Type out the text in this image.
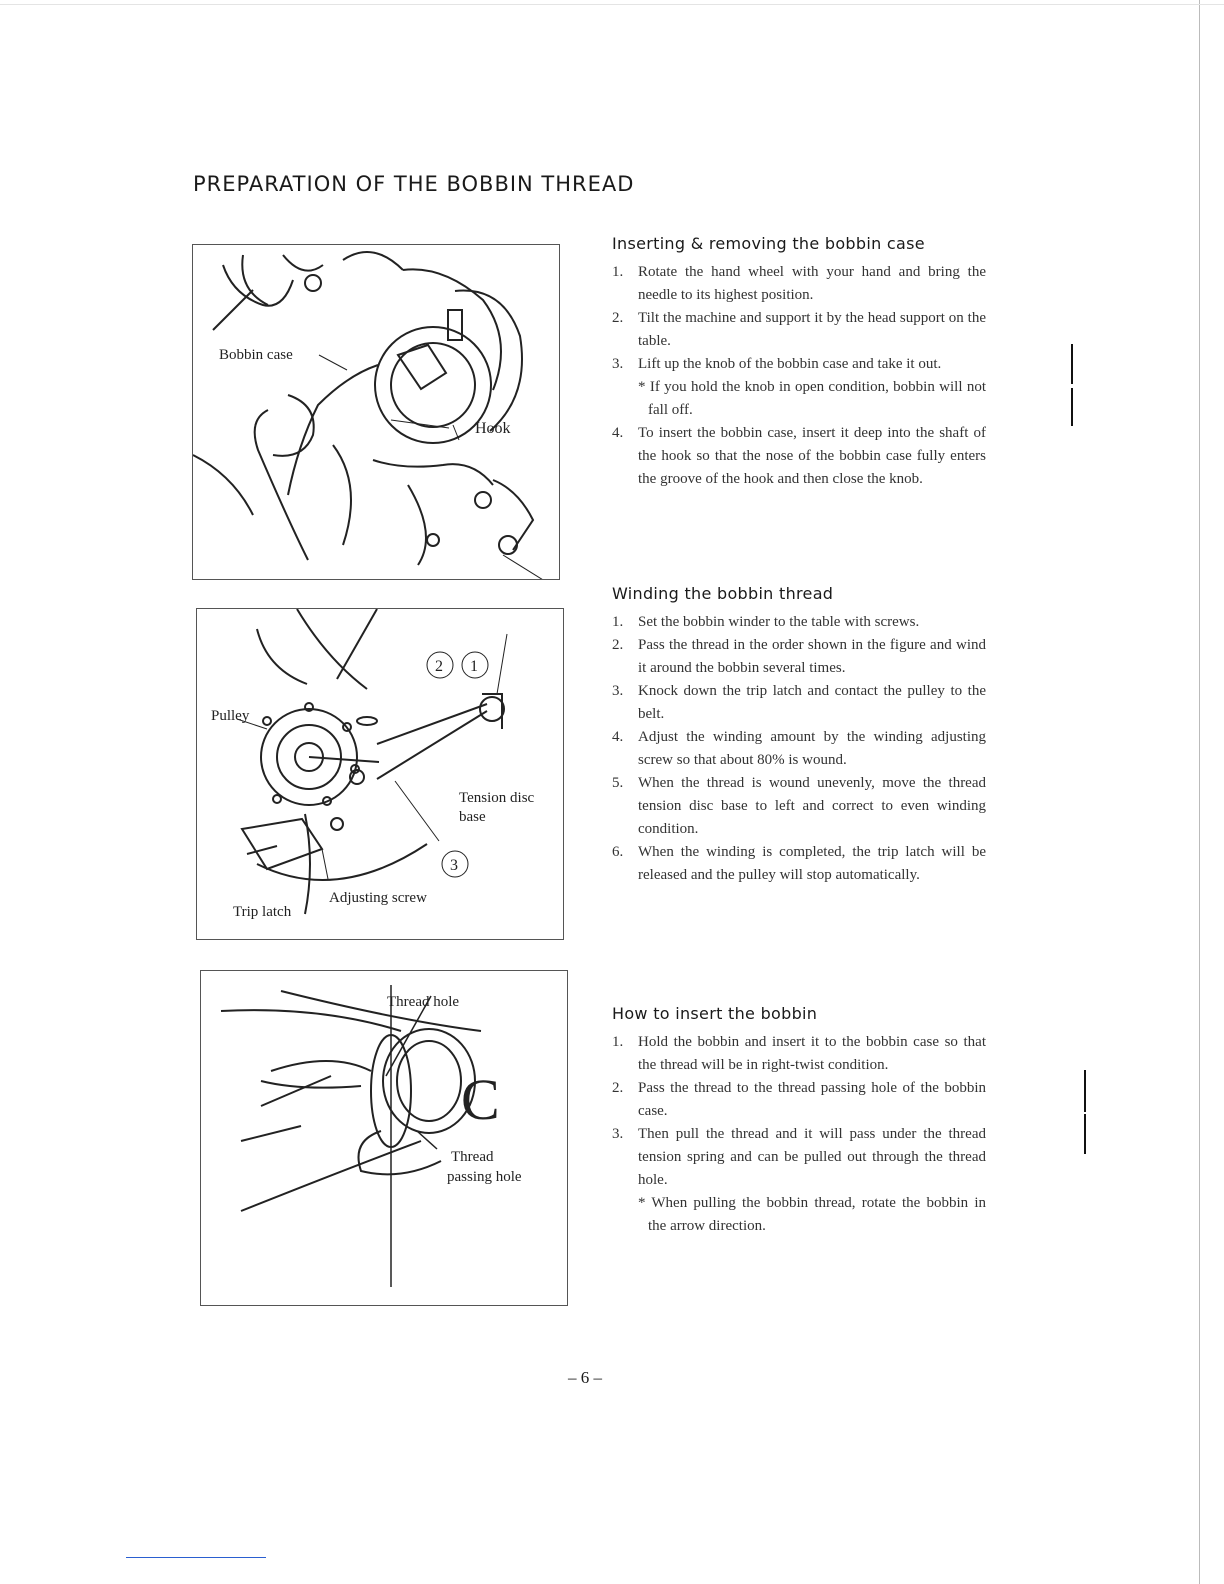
PREPARATION OF THE BOBBIN THREAD
Bobbin case
Hook
2 1
3
Pulley
Tension disc
base
Adjusting screw
Trip latch
Thread hole
C
Thread
passing hole
Inserting & removing the bobbin case
1. Rotate the hand wheel with your hand and bring the needle to its highest position.
2. Tilt the machine and support it by the head support on the table.
3. Lift up the knob of the bobbin case and take it out.
* If you hold the knob in open condition, bobbin will not fall off.
4. To insert the bobbin case, insert it deep into the shaft of the hook so that the nose of the bobbin case fully enters the groove of the hook and then close the knob.
Winding the bobbin thread
1. Set the bobbin winder to the table with screws.
2. Pass the thread in the order shown in the figure and wind it around the bobbin several times.
3. Knock down the trip latch and contact the pulley to the belt.
4. Adjust the winding amount by the winding adjusting screw so that about 80% is wound.
5. When the thread is wound unevenly, move the thread tension disc base to left and correct to even winding condition.
6. When the winding is completed, the trip latch will be released and the pulley will stop automatically.
How to insert the bobbin
1. Hold the bobbin and insert it to the bobbin case so that the thread will be in right-twist condition.
2. Pass the thread to the thread passing hole of the bobbin case.
3. Then pull the thread and it will pass under the thread tension spring and can be pulled out through the thread hole.
* When pulling the bobbin thread, rotate the bobbin in the arrow direction.
– 6 –
